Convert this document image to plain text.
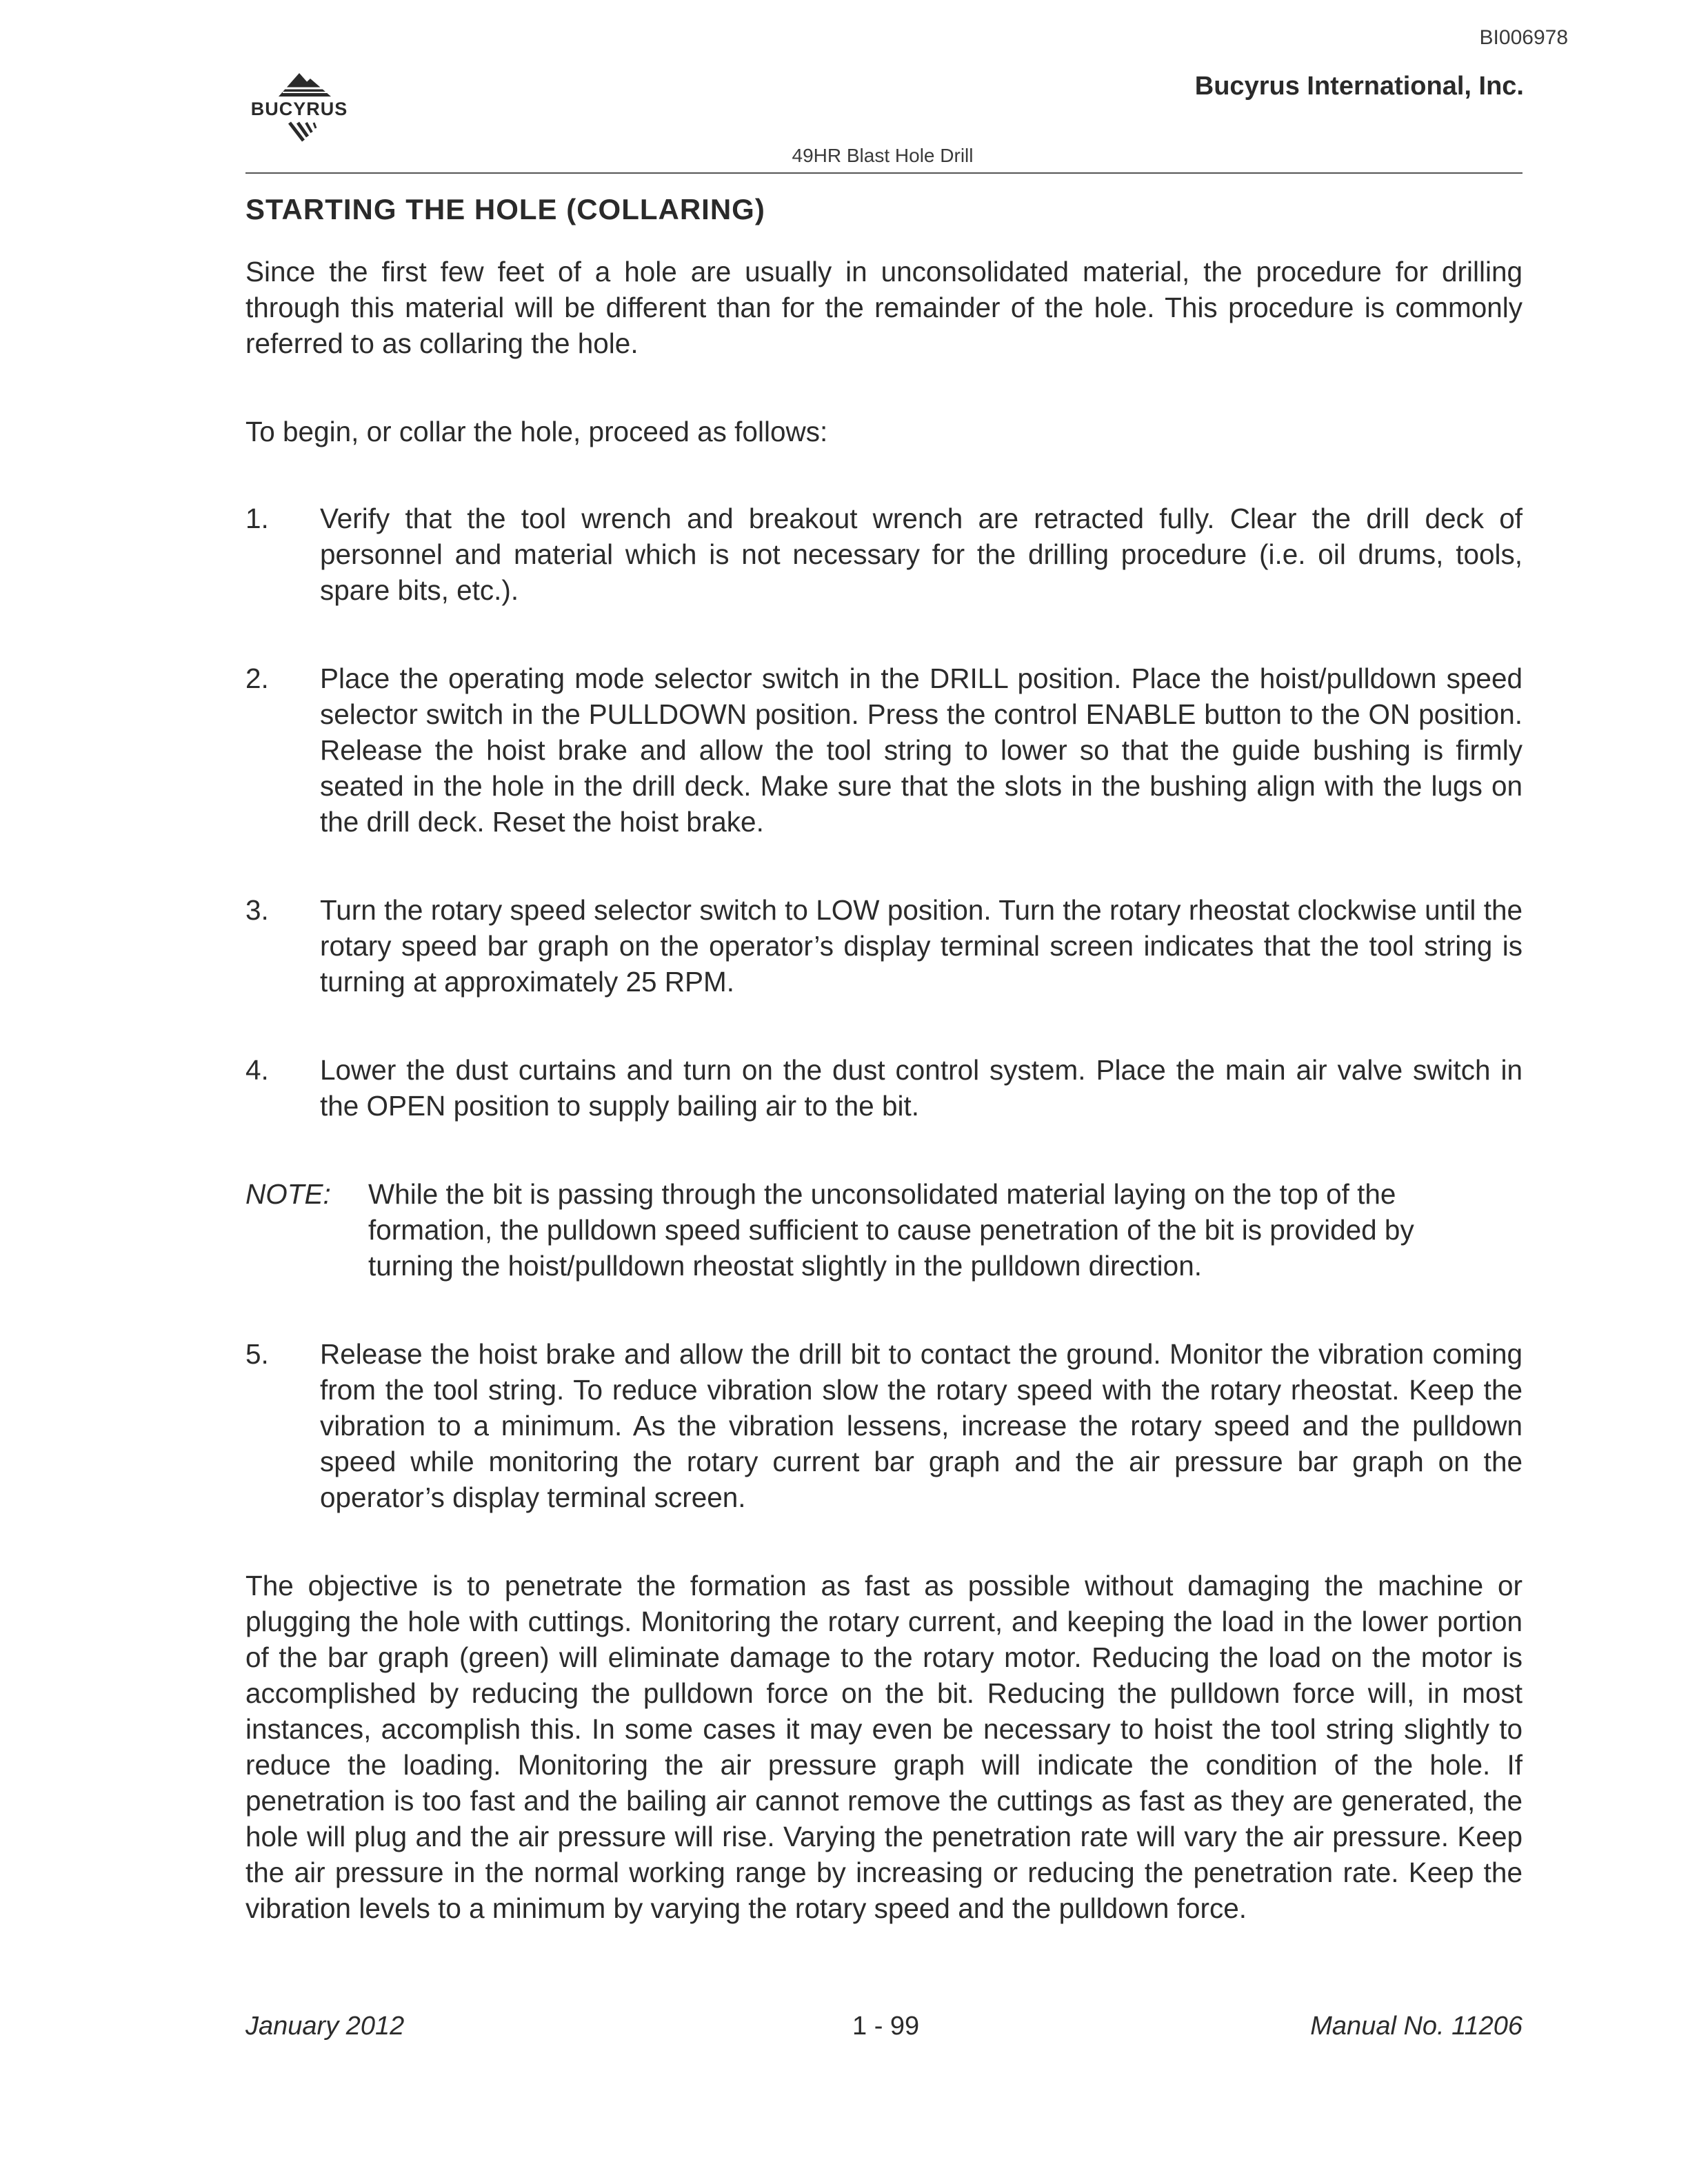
BI006978
BUCYRUS
Bucyrus International, Inc.
49HR Blast Hole Drill
STARTING THE HOLE (COLLARING)

Since the first few feet of a hole are usually in unconsolidated material, the procedure for drilling through this material will be different than for the remainder of the hole. This procedure is commonly referred to as collaring the hole.

To begin, or collar the hole, proceed as follows:

1.	Verify that the tool wrench and breakout wrench are retracted fully. Clear the drill deck of personnel and material which is not necessary for the drilling procedure (i.e. oil drums, tools, spare bits, etc.).
2.	Place the operating mode selector switch in the DRILL position. Place the hoist/pulldown speed selector switch in the PULLDOWN position. Press the control ENABLE button to the ON position. Release the hoist brake and allow the tool string to lower so that the guide bushing is firmly seated in the hole in the drill deck. Make sure that the slots in the bushing align with the lugs on the drill deck. Reset the hoist brake.
3.	Turn the rotary speed selector switch to LOW position. Turn the rotary rheostat clockwise until the rotary speed bar graph on the operator’s display terminal screen indicates that the tool string is turning at approximately 25 RPM.
4.	Lower the dust curtains and turn on the dust control system. Place the main air valve switch in the OPEN position to supply bailing air to the bit.
NOTE:	While the bit is passing through the unconsolidated material laying on the top of the formation, the pulldown speed sufficient to cause penetration of the bit is provided by turning the hoist/pulldown rheostat slightly in the pulldown direction.
5.	Release the hoist brake and allow the drill bit to contact the ground. Monitor the vibration coming from the tool string. To reduce vibration slow the rotary speed with the rotary rheostat. Keep the vibration to a minimum. As the vibration lessens, increase the rotary speed and the pulldown speed while monitoring the rotary current bar graph and the air pressure bar graph on the operator’s display terminal screen.

The objective is to penetrate the formation as fast as possible without damaging the machine or plugging the hole with cuttings. Monitoring the rotary current, and keeping the load in the lower portion of the bar graph (green) will eliminate damage to the rotary motor. Reducing the load on the motor is accomplished by reducing the pulldown force on the bit. Reducing the pulldown force will, in most instances, accomplish this. In some cases it may even be necessary to hoist the tool string slightly to reduce the loading. Monitoring the air pressure graph will indicate the condition of the hole. If penetration is too fast and the bailing air cannot remove the cuttings as fast as they are generated, the hole will plug and the air pressure will rise. Varying the penetration rate will vary the air pressure. Keep the air pressure in the normal working range by increasing or reducing the penetration rate. Keep the vibration levels to a minimum by varying the rotary speed and the pulldown force.

January 2012	1 - 99	Manual No. 11206
